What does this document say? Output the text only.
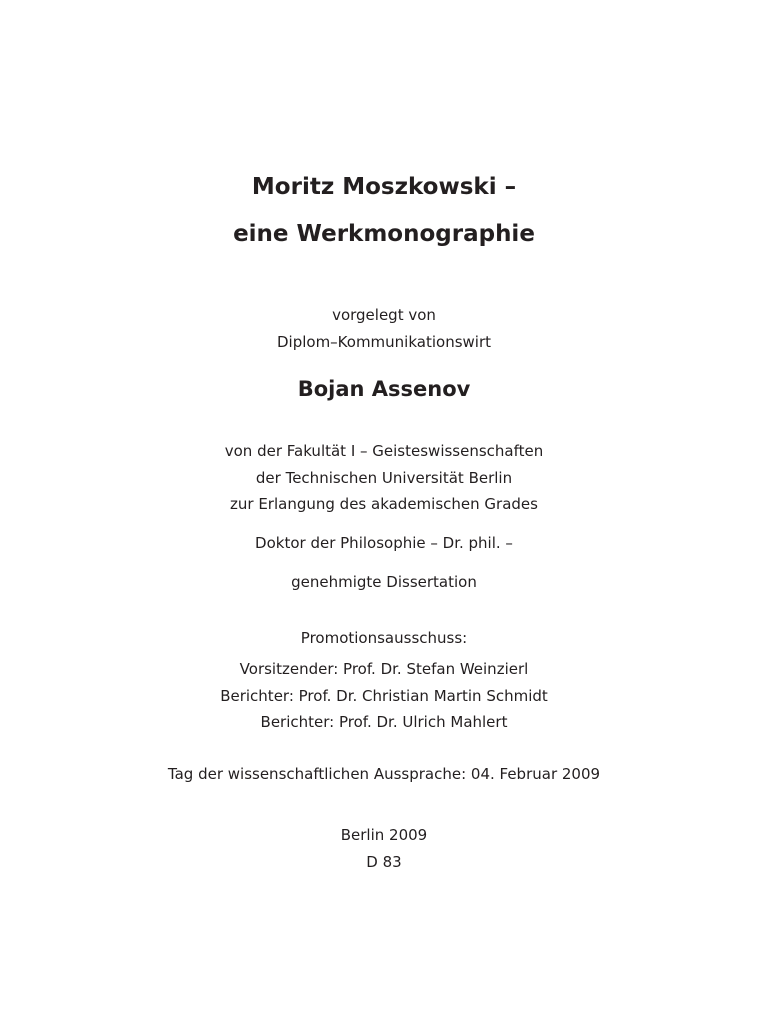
Moritz Moszkowski –
eine Werkmonographie
vorgelegt von
Diplom–Kommunikationswirt
Bojan Assenov
von der Fakultät I – Geisteswissenschaften
der Technischen Universität Berlin
zur Erlangung des akademischen Grades
Doktor der Philosophie – Dr. phil. –
genehmigte Dissertation
Promotionsausschuss:
Vorsitzender: Prof. Dr. Stefan Weinzierl
Berichter: Prof. Dr. Christian Martin Schmidt
Berichter: Prof. Dr. Ulrich Mahlert
Tag der wissenschaftlichen Aussprache: 04. Februar 2009
Berlin 2009
D 83
